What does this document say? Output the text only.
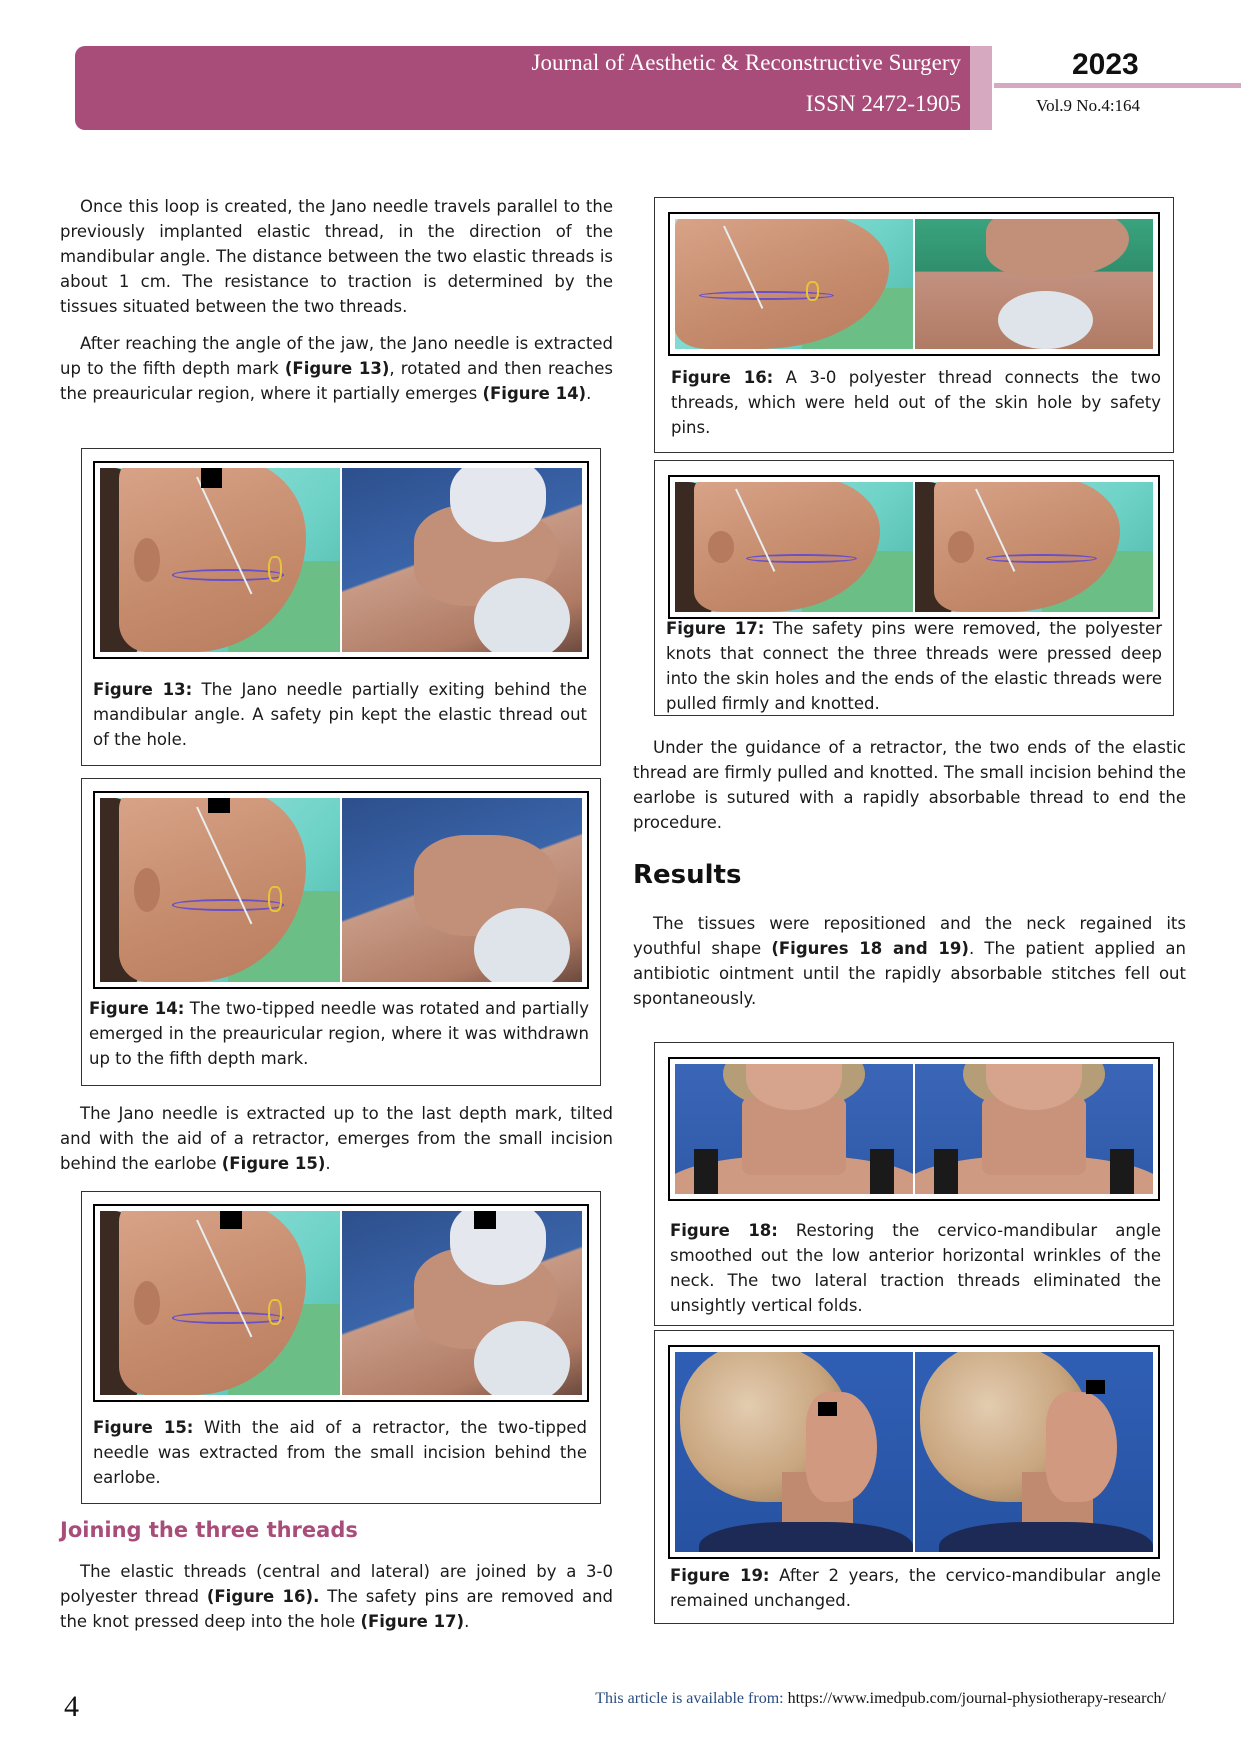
Journal of Aesthetic & Reconstructive Surgery
ISSN 2472-1905
2023
Vol.9 No.4:164

Once this loop is created, the Jano needle travels parallel to the previously implanted elastic thread, in the direction of the mandibular angle. The distance between the two elastic threads is about 1 cm. The resistance to traction is determined by the tissues situated between the two threads.

After reaching the angle of the jaw, the Jano needle is extracted up to the fifth depth mark (Figure 13), rotated and then reaches the preauricular region, where it partially emerges (Figure 14).

Figure 13: The Jano needle partially exiting behind the mandibular angle. A safety pin kept the elastic thread out of the hole.

Figure 14: The two-tipped needle was rotated and partially emerged in the preauricular region, where it was withdrawn up to the fifth depth mark.

The Jano needle is extracted up to the last depth mark, tilted and with the aid of a retractor, emerges from the small incision behind the earlobe (Figure 15).

Figure 15: With the aid of a retractor, the two-tipped needle was extracted from the small incision behind the earlobe.

Joining the three threads

The elastic threads (central and lateral) are joined by a 3-0 polyester thread (Figure 16). The safety pins are removed and the knot pressed deep into the hole (Figure 17).

Figure 16: A 3-0 polyester thread connects the two threads, which were held out of the skin hole by safety pins.

Figure 17: The safety pins were removed, the polyester knots that connect the three threads were pressed deep into the skin holes and the ends of the elastic threads were pulled firmly and knotted.

Under the guidance of a retractor, the two ends of the elastic thread are firmly pulled and knotted. The small incision behind the earlobe is sutured with a rapidly absorbable thread to end the procedure.

Results

The tissues were repositioned and the neck regained its youthful shape (Figures 18 and 19). The patient applied an antibiotic ointment until the rapidly absorbable stitches fell out spontaneously.

Figure 18: Restoring the cervico-mandibular angle smoothed out the low anterior horizontal wrinkles of the neck. The two lateral traction threads eliminated the unsightly vertical folds.

Figure 19: After 2 years, the cervico-mandibular angle remained unchanged.

4	This article is available from: https://www.imedpub.com/journal-physiotherapy-research/
